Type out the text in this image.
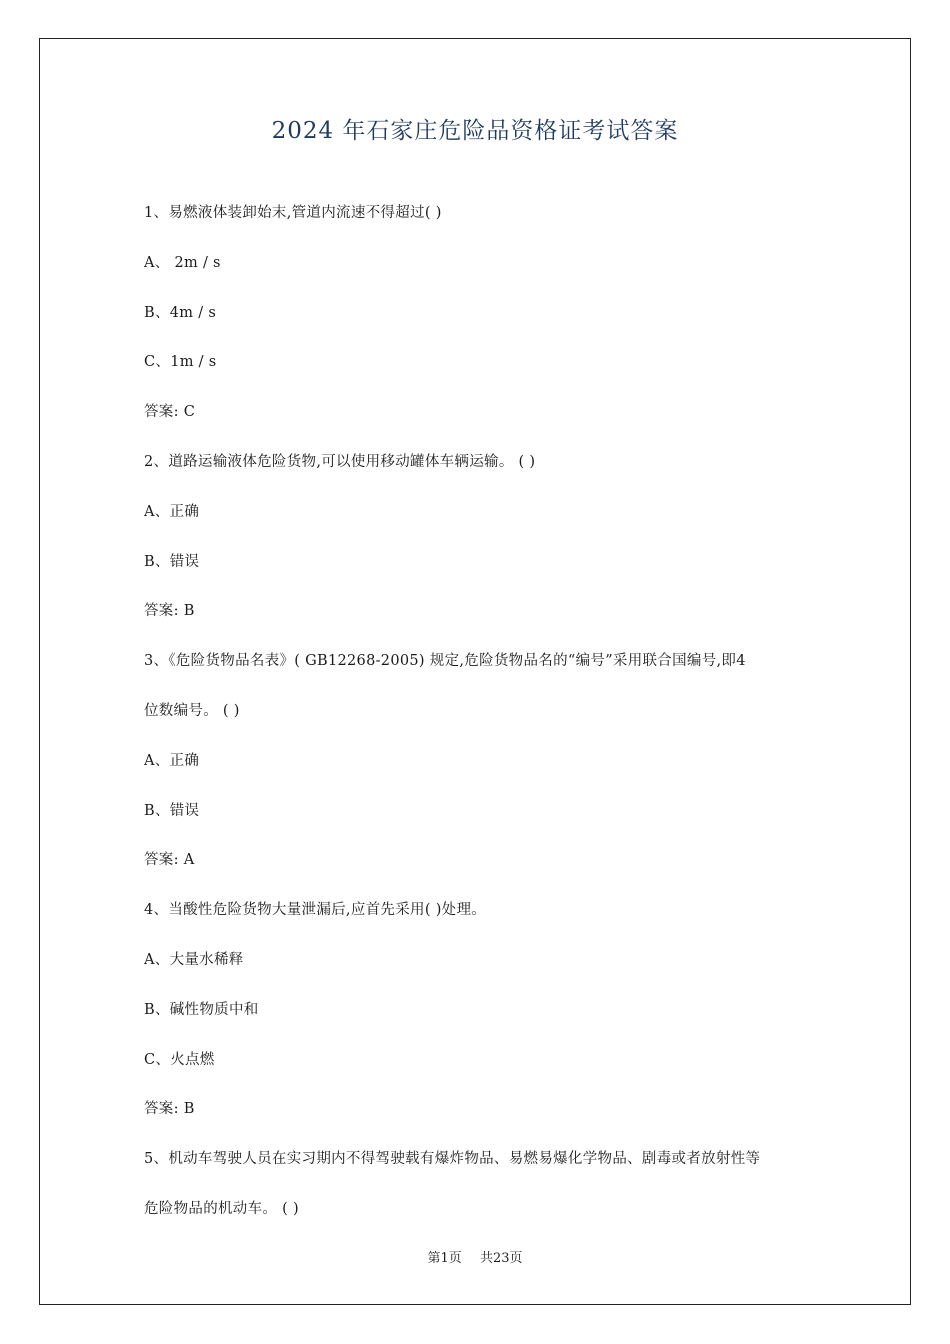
2024 年石家庄危险品资格证考试答案
1、易燃液体装卸始末,管道内流速不得超过( )
A、 2m / s
B、4m / s
C、1m / s
答案: C
2、道路运输液体危险货物,可以使用移动罐体车辆运输。 ( )
A、正确
B、错误
答案: B
3、《危险货物品名表》( GB12268-2005) 规定,危险货物品名的“编号”采用联合国编号,即4
位数编号。 ( )
A、正确
B、错误
答案: A
4、当酸性危险货物大量泄漏后,应首先采用( )处理。
A、大量水稀释
B、碱性物质中和
C、火点燃
答案: B
5、机动车驾驶人员在实习期内不得驾驶载有爆炸物品、易燃易爆化学物品、剧毒或者放射性等
危险物品的机动车。 ( )
第1页 共23页
